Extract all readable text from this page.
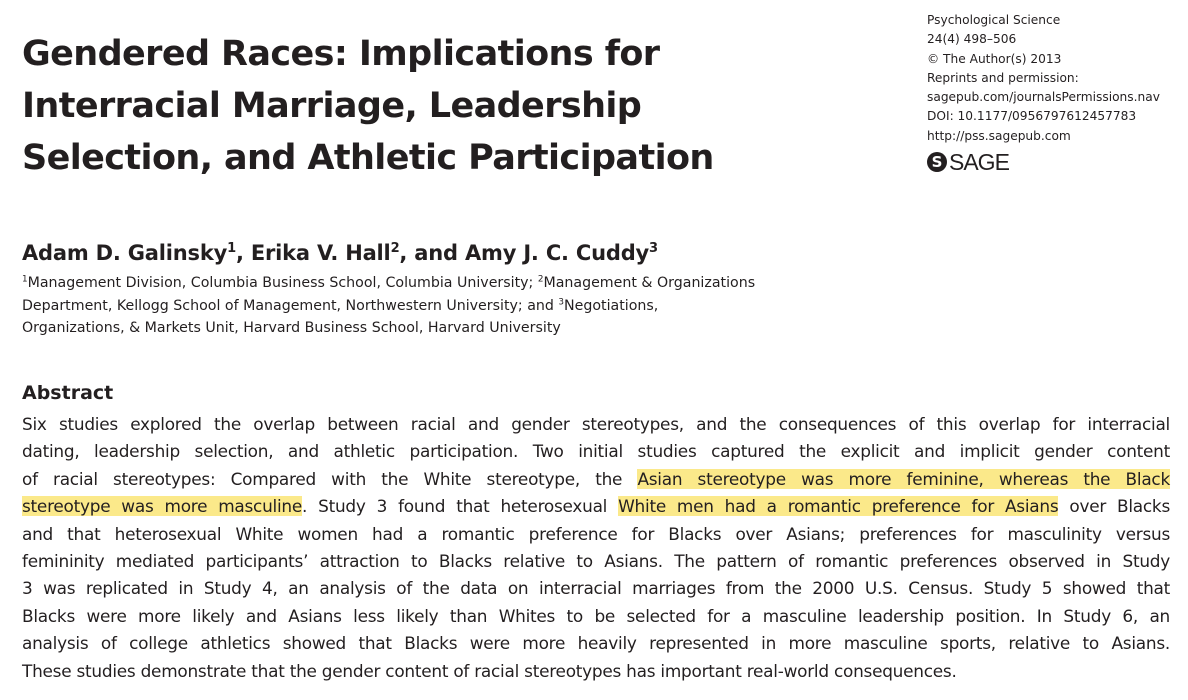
Gendered Races: Implications for
Interracial Marriage, Leadership
Selection, and Athletic Participation
Psychological Science
24(4) 498–506
© The Author(s) 2013
Reprints and permission:
sagepub.com/journalsPermissions.nav
DOI: 10.1177/0956797612457783
http://pss.sagepub.com
S SAGE
Adam D. Galinsky$^1$, Erika V. Hall$^2$, and Amy J. C. Cuddy$^3$
$^1$Management Division, Columbia Business School, Columbia University; $^2$Management & Organizations
Department, Kellogg School of Management, Northwestern University; and $^3$Negotiations,
Organizations, & Markets Unit, Harvard Business School, Harvard University
Abstract
Six studies explored the overlap between racial and gender stereotypes, and the consequences of this overlap for interracial
dating, leadership selection, and athletic participation. Two initial studies captured the explicit and implicit gender content
of racial stereotypes: Compared with the White stereotype, the Asian stereotype was more feminine, whereas the Black
stereotype was more masculine. Study 3 found that heterosexual White men had a romantic preference for Asians over Blacks
and that heterosexual White women had a romantic preference for Blacks over Asians; preferences for masculinity versus
femininity mediated participants’ attraction to Blacks relative to Asians. The pattern of romantic preferences observed in Study
3 was replicated in Study 4, an analysis of the data on interracial marriages from the 2000 U.S. Census. Study 5 showed that
Blacks were more likely and Asians less likely than Whites to be selected for a masculine leadership position. In Study 6, an
analysis of college athletics showed that Blacks were more heavily represented in more masculine sports, relative to Asians.
These studies demonstrate that the gender content of racial stereotypes has important real-world consequences.
